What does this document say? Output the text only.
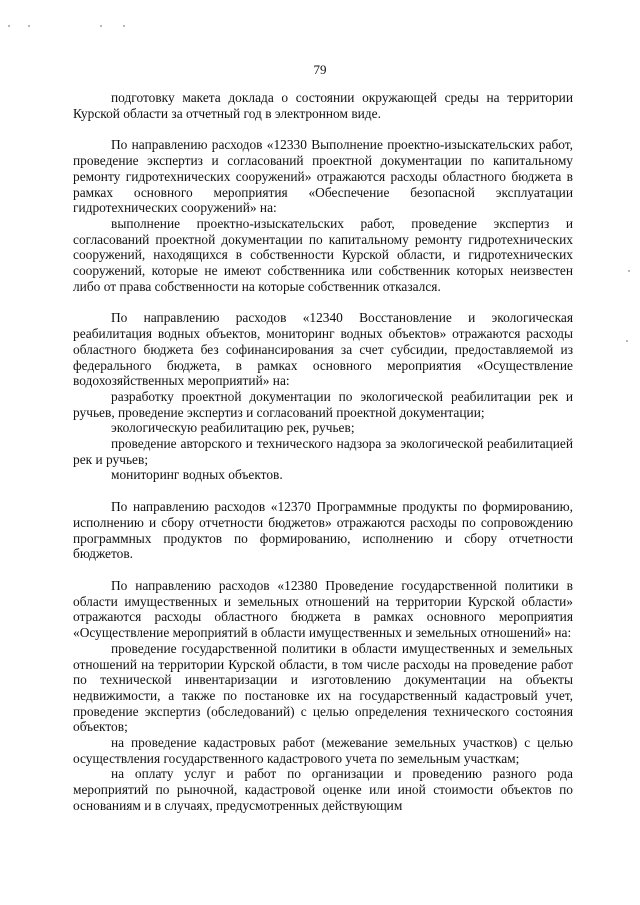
79

подготовку макета доклада о состоянии окружающей среды на территории Курской области за отчетный год в электронном виде.

По направлению расходов «12330 Выполнение проектно-изыскательских работ, проведение экспертиз и согласований проектной документации по капитальному ремонту гидротехнических сооружений» отражаются расходы областного бюджета в рамках основного мероприятия «Обеспечение безопасной эксплуатации гидротехнических сооружений» на:

выполнение проектно-изыскательских работ, проведение экспертиз и согласований проектной документации по капитальному ремонту гидротехнических сооружений, находящихся в собственности Курской области, и гидротехнических сооружений, которые не имеют собственника или собственник которых неизвестен либо от права собственности на которые собственник отказался.

По направлению расходов «12340 Восстановление и экологическая реабилитация водных объектов, мониторинг водных объектов» отражаются расходы областного бюджета без софинансирования за счет субсидии, предоставляемой из федерального бюджета, в рамках основного мероприятия «Осуществление водохозяйственных мероприятий» на:

разработку проектной документации по экологической реабилитации рек и ручьев, проведение экспертиз и согласований проектной документации;

экологическую реабилитацию рек, ручьев;

проведение авторского и технического надзора за экологической реабилитацией рек и ручьев;

мониторинг водных объектов.

По направлению расходов «12370 Программные продукты по формированию, исполнению и сбору отчетности бюджетов» отражаются расходы по сопровождению программных продуктов по формированию, исполнению и сбору отчетности бюджетов.

По направлению расходов «12380 Проведение государственной политики в области имущественных и земельных отношений на территории Курской области» отражаются расходы областного бюджета в рамках основного мероприятия «Осуществление мероприятий в области имущественных и земельных отношений» на:

проведение государственной политики в области имущественных и земельных отношений на территории Курской области, в том числе расходы на проведение работ по технической инвентаризации и изготовлению документации на объекты недвижимости, а также по постановке их на государственный кадастровый учет, проведение экспертиз (обследований) с целью определения технического состояния объектов;

на проведение кадастровых работ (межевание земельных участков) с целью осуществления государственного кадастрового учета по земельным участкам;

на оплату услуг и работ по организации и проведению разного рода мероприятий по рыночной, кадастровой оценке или иной стоимости объектов по основаниям и в случаях, предусмотренных действующим
